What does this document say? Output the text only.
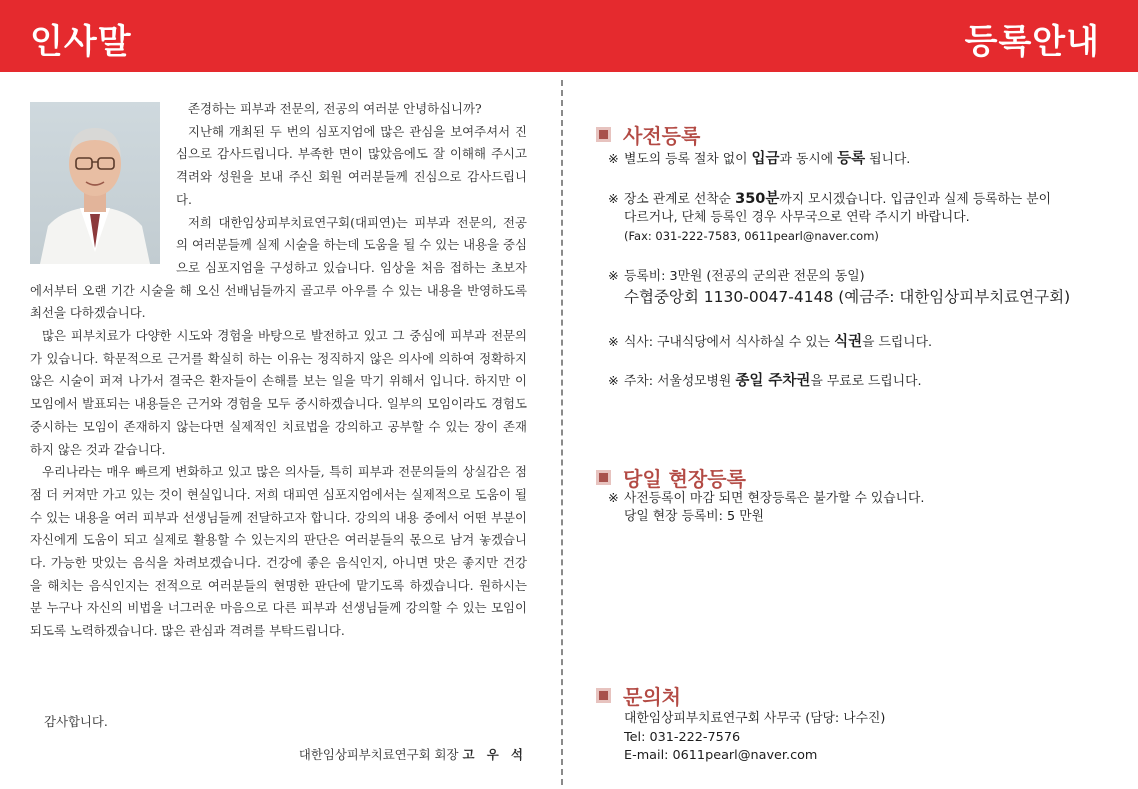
인사말	등록안내

존경하는 피부과 전문의, 전공의 여러분 안녕하십니까?

지난해 개최된 두 번의 심포지엄에 많은 관심을 보여주셔서 진심으로 감사드립니다. 부족한 면이 많았음에도 잘 이해해 주시고 격려와 성원을 보내 주신 회원 여러분들께 진심으로 감사드립니다.

저희 대한임상피부치료연구회(대피연)는 피부과 전문의, 전공의 여러분들께 실제 시술을 하는데 도움을 될 수 있는 내용을 중심으로 심포지엄을 구성하고 있습니다. 임상을 처음 접하는 초보자에서부터 오랜 기간 시술을 해 오신 선배님들까지 골고루 아우를 수 있는 내용을 반영하도록 최선을 다하겠습니다.

많은 피부치료가 다양한 시도와 경험을 바탕으로 발전하고 있고 그 중심에 피부과 전문의가 있습니다. 학문적으로 근거를 확실히 하는 이유는 정직하지 않은 의사에 의하여 정확하지 않은 시술이 퍼져 나가서 결국은 환자들이 손해를 보는 일을 막기 위해서 입니다. 하지만 이 모임에서 발표되는 내용들은 근거와 경험을 모두 중시하겠습니다. 일부의 모임이라도 경험도 중시하는 모임이 존재하지 않는다면 실제적인 치료법을 강의하고 공부할 수 있는 장이 존재하지 않은 것과 같습니다.

우리나라는 매우 빠르게 변화하고 있고 많은 의사들, 특히 피부과 전문의들의 상실감은 점점 더 커져만 가고 있는 것이 현실입니다. 저희 대피연 심포지엄에서는 실제적으로 도움이 될 수 있는 내용을 여러 피부과 선생님들께 전달하고자 합니다. 강의의 내용 중에서 어떤 부분이 자신에게 도움이 되고 실제로 활용할 수 있는지의 판단은 여러분들의 몫으로 남겨 놓겠습니다. 가능한 맛있는 음식을 차려보겠습니다. 건강에 좋은 음식인지, 아니면 맛은 좋지만 건강을 해치는 음식인지는 전적으로 여러분들의 현명한 판단에 맡기도록 하겠습니다. 원하시는 분 누구나 자신의 비법을 너그러운 마음으로 다른 피부과 선생님들께 강의할 수 있는 모임이 되도록 노력하겠습니다. 많은 관심과 격려를 부탁드립니다.

감사합니다.
대한임상피부치료연구회 회장 고 우 석
사전등록
※ 별도의 등록 절차 없이 입금과 동시에 등록 됩니다.
※ 장소 관계로 선착순 350분까지 모시겠습니다. 입금인과 실제 등록하는 분이
다르거나, 단체 등록인 경우 사무국으로 연락 주시기 바랍니다.
(Fax: 031-222-7583, 0611pearl@naver.com)
※ 등록비: 3만원 (전공의 군의관 전문의 동일)
수협중앙회 1130-0047-4148 (예금주: 대한임상피부치료연구회)
※ 식사: 구내식당에서 식사하실 수 있는 식권을 드립니다.
※ 주차: 서울성모병원 종일 주차권을 무료로 드립니다.
당일 현장등록
※ 사전등록이 마감 되면 현장등록은 불가할 수 있습니다.
당일 현장 등록비: 5 만원
문의처
대한임상피부치료연구회 사무국 (담당: 나수진)
Tel: 031-222-7576
E-mail: 0611pearl@naver.com
